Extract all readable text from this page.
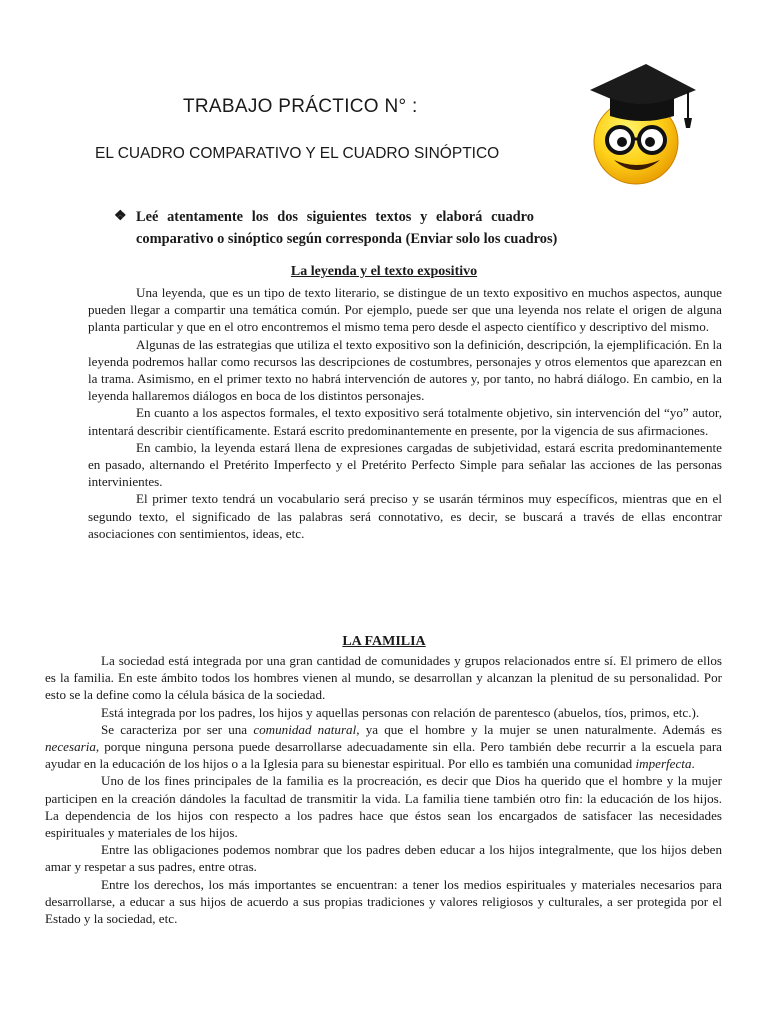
TRABAJO PRÁCTICO N° :
EL CUADRO COMPARATIVO Y EL CUADRO SINÓPTICO
❖ Leé atentamente los dos siguientes textos y elaborá cuadro
comparativo o sinóptico según corresponda (Enviar solo los cuadros)
La leyenda y el texto expositivo

Una leyenda, que es un tipo de texto literario, se distingue de un texto expositivo en muchos aspectos, aunque pueden llegar a compartir una temática común. Por ejemplo, puede ser que una leyenda nos relate el origen de alguna planta particular y que en el otro encontremos el mismo tema pero desde el aspecto científico y descriptivo del mismo.

Algunas de las estrategias que utiliza el texto expositivo son la definición, descripción, la ejemplificación. En la leyenda podremos hallar como recursos las descripciones de costumbres, personajes y otros elementos que aparezcan en la trama. Asimismo, en el primer texto no habrá intervención de autores y, por tanto, no habrá diálogo. En cambio, en la leyenda hallaremos diálogos en boca de los distintos personajes.

En cuanto a los aspectos formales, el texto expositivo será totalmente objetivo, sin intervención del “yo” autor, intentará describir científicamente. Estará escrito predominantemente en presente, por la vigencia de sus afirmaciones.

En cambio, la leyenda estará llena de expresiones cargadas de subjetividad, estará escrita predominantemente en pasado, alternando el Pretérito Imperfecto y el Pretérito Perfecto Simple para señalar las acciones de las personas intervinientes.

El primer texto tendrá un vocabulario será preciso y se usarán términos muy específicos, mientras que en el segundo texto, el significado de las palabras será connotativo, es decir, se buscará a través de ellas encontrar asociaciones con sentimientos, ideas, etc.

LA FAMILIA

La sociedad está integrada por una gran cantidad de comunidades y grupos relacionados entre sí. El primero de ellos es la familia. En este ámbito todos los hombres vienen al mundo, se desarrollan y alcanzan la plenitud de su personalidad. Por esto se la define como la célula básica de la sociedad.

Está integrada por los padres, los hijos y aquellas personas con relación de parentesco (abuelos, tíos, primos, etc.).

Se caracteriza por ser una comunidad natural, ya que el hombre y la mujer se unen naturalmente. Además es necesaria, porque ninguna persona puede desarrollarse adecuadamente sin ella. Pero también debe recurrir a la escuela para ayudar en la educación de los hijos o a la Iglesia para su bienestar espiritual. Por ello es también una comunidad imperfecta.

Uno de los fines principales de la familia es la procreación, es decir que Dios ha querido que el hombre y la mujer participen en la creación dándoles la facultad de transmitir la vida. La familia tiene también otro fin: la educación de los hijos. La dependencia de los hijos con respecto a los padres hace que éstos sean los encargados de satisfacer las necesidades espirituales y materiales de los hijos.

Entre las obligaciones podemos nombrar que los padres deben educar a los hijos integralmente, que los hijos deben amar y respetar a sus padres, entre otras.

Entre los derechos, los más importantes se encuentran: a tener los medios espirituales y materiales necesarios para desarrollarse, a educar a sus hijos de acuerdo a sus propias tradiciones y valores religiosos y culturales, a ser protegida por el Estado y la sociedad, etc.
